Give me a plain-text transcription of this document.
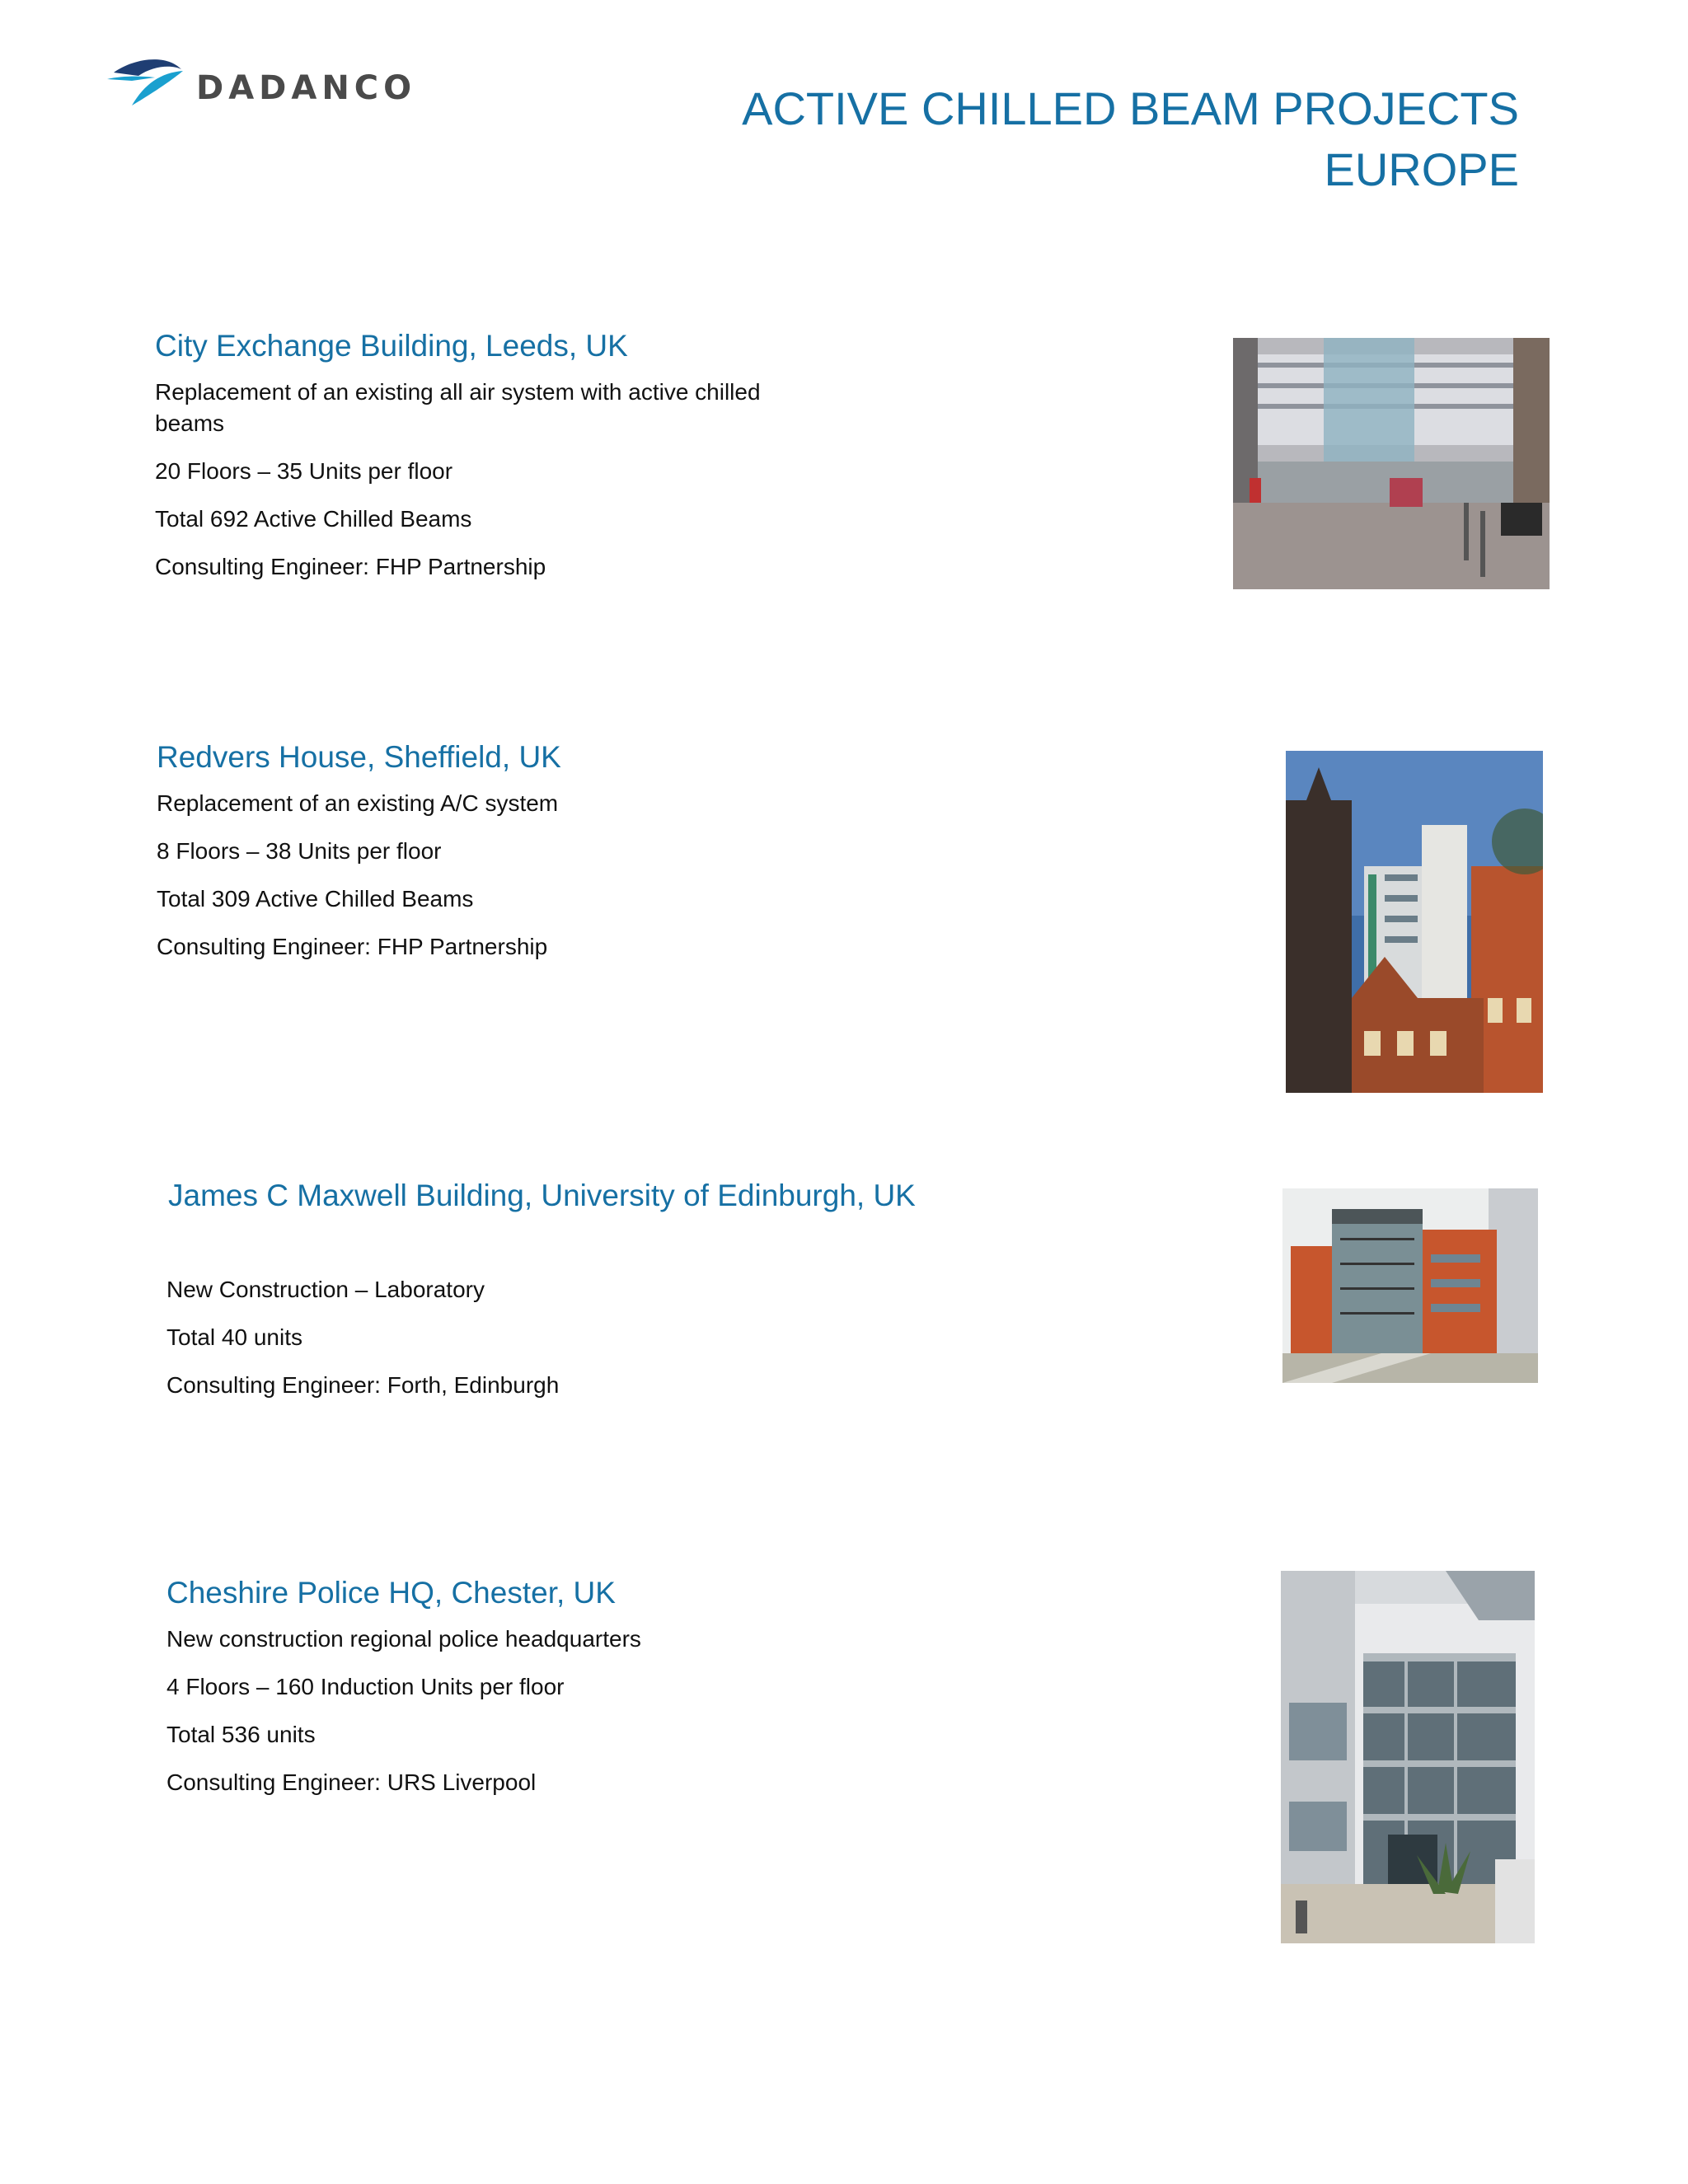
DADANCO	ACTIVE CHILLED BEAM PROJECTS
EUROPE
City Exchange Building, Leeds, UK

Replacement of an existing all air system with active chilled beams

20 Floors – 35 Units per floor

Total 692 Active Chilled Beams

Consulting Engineer: FHP Partnership

Redvers House, Sheffield, UK

Replacement of an existing A/C system

8 Floors – 38 Units per floor

Total 309 Active Chilled Beams

Consulting Engineer: FHP Partnership

James C Maxwell Building, University of Edinburgh, UK

New Construction – Laboratory

Total 40 units

Consulting Engineer: Forth, Edinburgh

Cheshire Police HQ, Chester, UK

New construction regional police headquarters

4 Floors – 160 Induction Units per floor

Total 536 units

Consulting Engineer: URS Liverpool
